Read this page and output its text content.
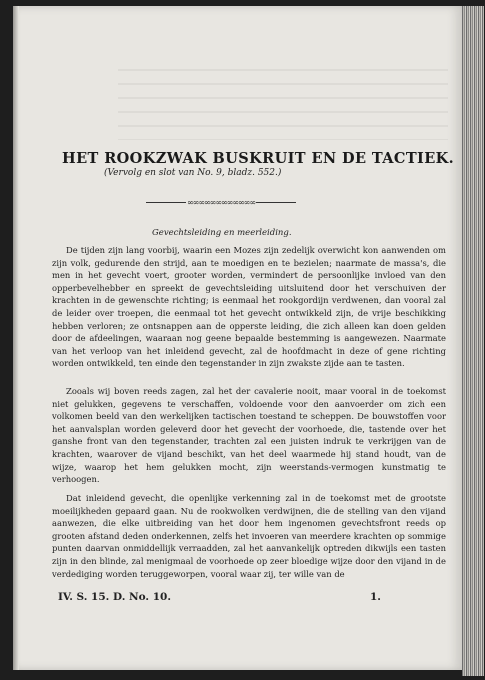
HET ROOKZWAK BUSKRUIT EN DE TACTIEK.
(Vervolg en slot van No. 9, bladz. 552.)
∞∞∞∞∞∞∞∞∞∞∞∞
Gevechtsleiding en meerleiding.

De tijden zijn lang voorbij, waarin een Mozes zijn zedelijk overwicht kon aanwenden om zijn volk, gedurende den strijd, aan te moedigen en te bezielen; naarmate de massa's, die men in het gevecht voert, grooter worden, vermindert de persoonlijke invloed van den opperbevelhebber en spreekt de gevechtsleiding uitsluitend door het verschuiven der krachten in de gewenschte richting; is eenmaal het rookgordijn verdwenen, dan vooral zal de leider over troepen, die eenmaal tot het gevecht ontwikkeld zijn, de vrije beschikking hebben verloren; ze ontsnappen aan de opperste leiding, die zich alleen kan doen gelden door de afdeelingen, waaraan nog geene bepaalde bestemming is aangewezen. Naarmate van het verloop van het inleidend gevecht, zal de hoofdmacht in deze of gene richting worden ontwikkeld, ten einde den tegenstander in zijn zwakste zijde aan te tasten.

Zooals wij boven reeds zagen, zal het der cavalerie nooit, maar vooral in de toekomst niet gelukken, gegevens te verschaffen, voldoende voor den aanvoerder om zich een volkomen beeld van den werkelijken tactischen toestand te scheppen. De bouwstoffen voor het aanvalsplan worden geleverd door het gevecht der voorhoede, die, tastende over het ganshe front van den tegenstander, trachten zal een juisten indruk te verkrijgen van de krachten, waarover de vijand beschikt, van het deel waarmede hij stand houdt, van de wijze, waarop het hem gelukken mocht, zijn weerstands-vermogen kunstmatig te verhoogen.

Dat inleidend gevecht, die openlijke verkenning zal in de toekomst met de grootste moeilijkheden gepaard gaan. Nu de rookwolken verdwijnen, die de stelling van den vijand aanwezen, die elke uitbreiding van het door hem ingenomen gevechtsfront reeds op grooten afstand deden onderkennen, zelfs het invoeren van meerdere krachten op sommige punten daarvan onmiddellijk verraadden, zal het aanvankelijk optreden dikwijls een tasten zijn in den blinde, zal menigmaal de voorhoede op zeer bloedige wijze door den vijand in de verdediging worden teruggeworpen, vooral waar zij, ter wille van de

IV. S. 15. D. No. 10.	1.
